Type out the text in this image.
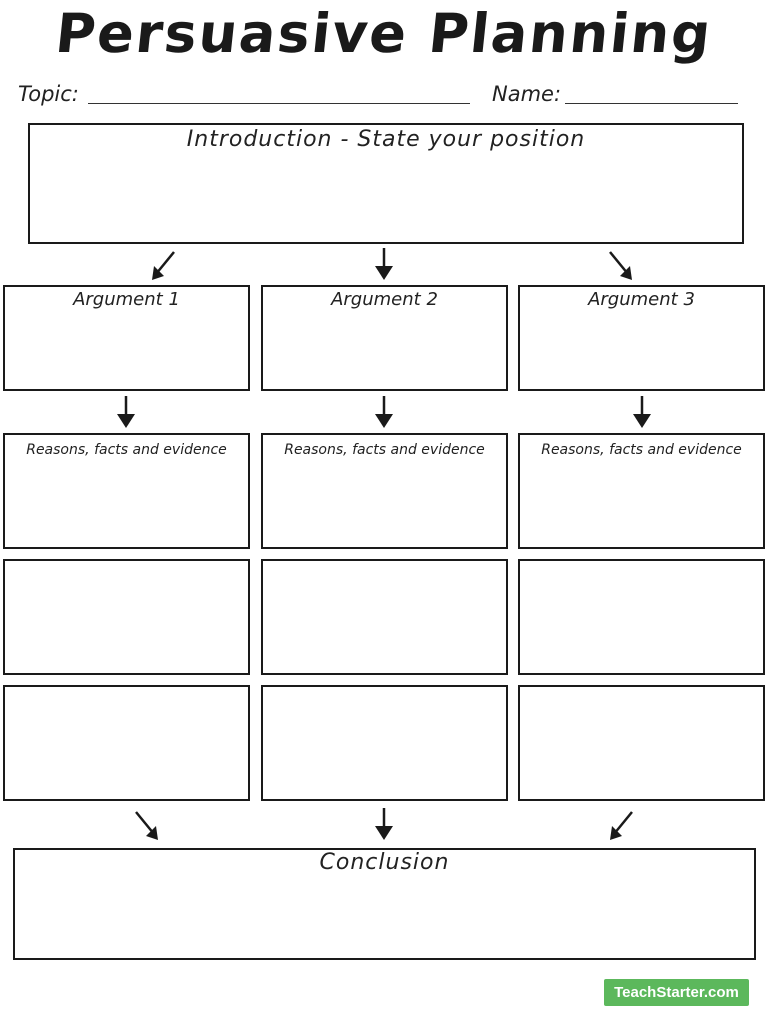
Persuasive Planning
Topic:	Name:
Introduction - State your position
Argument 1	Argument 2	Argument 3
Reasons, facts and evidence	Reasons, facts and evidence	Reasons, facts and evidence
Conclusion
TeachStarter.com
